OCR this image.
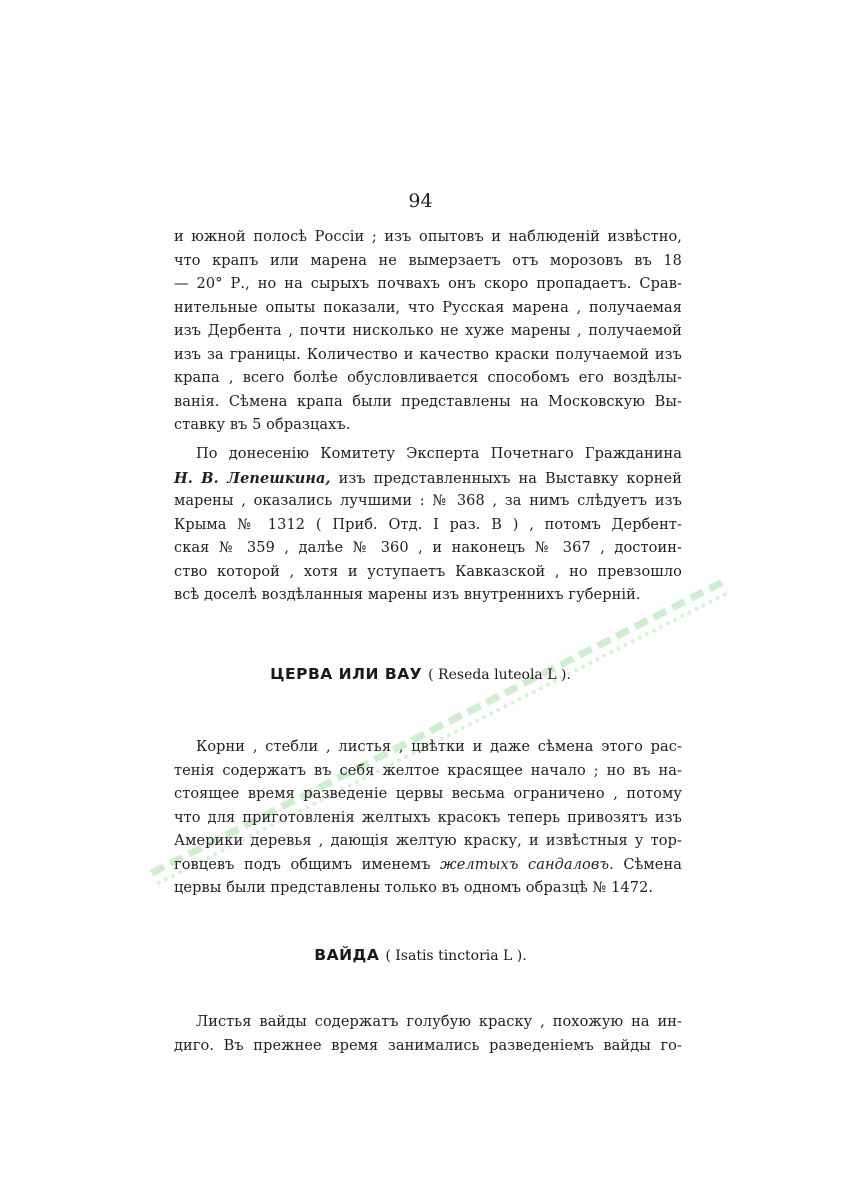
94
и южной полосѣ Россіи ; изъ опытовъ и наблюденій извѣстно,
что крапъ или марена не вымерзаетъ отъ морозовъ въ 18
— 20° Р., но на сырыхъ почвахъ онъ скоро пропадаетъ. Срав-
нительные опыты показали, что Русская марена , получаемая
изъ Дербента , почти нисколько не хуже марены , получаемой
изъ за границы. Количество и качество краски получаемой изъ
крапа , всего болѣе обусловливается способомъ его воздѣлы-
ванія. Сѣмена крапа были представлены на Московскую Вы-
ставку въ 5 образцахъ.
По донесенію Комитету Эксперта Почетнаго Гражданина
Н. В. Лепешкина, изъ представленныхъ на Выставку корней
марены , оказались лучшими : № 368 , за нимъ слѣдуетъ изъ
Крыма № 1312 ( Приб. Отд. I раз. В ) , потомъ Дербент-
ская № 359 , далѣе № 360 , и наконецъ № 367 , достоин-
ство которой , хотя и уступаетъ Кавказской , но превзошло
всѣ доселѣ воздѣланныя марены изъ внутреннихъ губерній.
ЦЕРВА ИЛИ ВАУ ( Reseda luteola L ).
Корни , стебли , листья , цвѣтки и даже сѣмена этого рас-
тенія содержатъ въ себя желтое красящее начало ; но въ на-
стоящее время разведеніе цервы весьма ограничено , потому
что для приготовленія желтыхъ красокъ теперь привозятъ изъ
Америки деревья , дающія желтую краску, и извѣстныя у тор-
говцевъ подъ общимъ именемъ желтыхъ сандаловъ. Сѣмена
цервы были представлены только въ одномъ образцѣ № 1472.
ВАЙДА ( Isatis tinctoria L ).
Листья вайды содержатъ голубую краску , похожую на ин-
диго. Въ прежнее время занимались разведеніемъ вайды го-
